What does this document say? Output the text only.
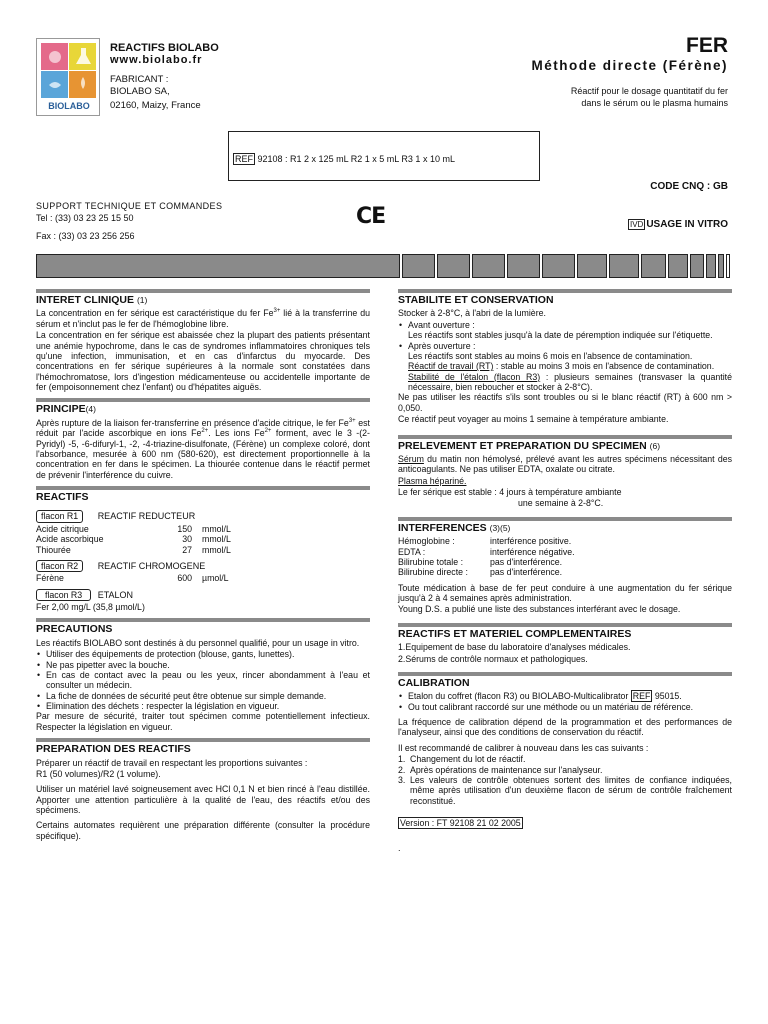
BIOLABO
REACTIFS BIOLABO
www.biolabo.fr
FABRICANT :
BIOLABO SA,
02160, Maizy, France
FER
Méthode directe (Férène)
Réactif pour le dosage quantitatif du fer
dans le sérum ou le plasma humains
REF 92108 : R1 2 x 125 mL R2 1 x 5 mL R3 1 x 10 mL
CODE CNQ : GB
SUPPORT TECHNIQUE ET COMMANDES
Tel : (33) 03 23 25 15 50
Fax : (33) 03 23 256 256
CE	IVD USAGE IN VITRO
INTERET CLINIQUE (1)
La concentration en fer sérique est caractéristique du fer $Fe^{3+}$ lié à la transferrine du sérum et n'inclut pas le fer de l'hémoglobine libre.
La concentration en fer sérique est abaissée chez la plupart des patients présentant une anémie hypochrome, dans le cas de syndromes inflammatoires chroniques tels qu'une infection, immunisation, et en cas d'infarctus du myocarde. Des concentrations en fer sérique supérieures à la normale sont constatées dans l'hémochromatose, lors d'ingestion médicamenteuse ou accidentelle importante de fer (empoisonnement chez l'enfant) ou d'hépatites aiguës.
PRINCIPE(4)
Après rupture de la liaison fer-transferrine en présence d'acide citrique, le fer $Fe^{3+}$ est réduit par l'acide ascorbique en ions $Fe^{2+}$. Les ions $Fe^{2+}$ forment, avec le 3 -(2-Pyridyl) -5, -6-difuryl-1, -2, -4-triazine-disulfonate, (Férène) un complexe coloré, dont l'absorbance, mesurée à 600 nm (580-620), est directement proportionnelle à la concentration en fer dans le spécimen. La thiourée contenue dans le réactif permet de prévenir l'interférence du cuivre.
REACTIFS
flacon R1 REACTIF REDUCTEUR
Acide citrique	150	mmol/L
Acide ascorbique	30	mmol/L
Thiourée	27	mmol/L
flacon R2 REACTIF CHROMOGENE
Férène	600	µmol/L
flacon R3 ETALON
Fer 2,00 mg/L (35,8 µmol/L)
PRECAUTIONS
Les réactifs BIOLABO sont destinés à du personnel qualifié, pour un usage in vitro.
• Utiliser des équipements de protection (blouse, gants, lunettes).
• Ne pas pipetter avec la bouche.
• En cas de contact avec la peau ou les yeux, rincer abondamment à l'eau et consulter un médecin.
• La fiche de données de sécurité peut être obtenue sur simple demande.
• Elimination des déchets : respecter la législation en vigueur.
Par mesure de sécurité, traiter tout spécimen comme potentiellement infectieux. Respecter la législation en vigueur.
PREPARATION DES REACTIFS
Préparer un réactif de travail en respectant les proportions suivantes :
R1 (50 volumes)/R2 (1 volume).
Utiliser un matériel lavé soigneusement avec HCl 0,1 N et bien rincé à l'eau distillée. Apporter une attention particulière à la qualité de l'eau, des réactifs et/ou des spécimens.
Certains automates requièrent une préparation différente (consulter la procédure spécifique).
STABILITE ET CONSERVATION
Stocker à 2-8°C, à l'abri de la lumière.
• Avant ouverture :
Les réactifs sont stables jusqu'à la date de péremption indiquée sur l'étiquette.
• Après ouverture :
Les réactifs sont stables au moins 6 mois en l'absence de contamination.
Réactif de travail (RT) : stable au moins 3 mois en l'absence de contamination.
Stabilité de l'étalon (flacon R3) : plusieurs semaines (transvaser la quantité nécessaire, bien reboucher et stocker à 2-8°C).
Ne pas utiliser les réactifs s'ils sont troubles ou si le blanc réactif (RT) à 600 nm > 0,050.
Ce réactif peut voyager au moins 1 semaine à température ambiante.
PRELEVEMENT ET PREPARATION DU SPECIMEN (6)
Sérum du matin non hémolysé, prélevé avant les autres spécimens nécessitant des anticoagulants. Ne pas utiliser EDTA, oxalate ou citrate.
Plasma hépariné.
Le fer sérique est stable : 4 jours à température ambiante
une semaine à 2-8°C.
INTERFERENCES (3)(5)
Hémoglobine :	interférence positive.
EDTA :	interférence négative.
Bilirubine totale :	pas d'interférence.
Bilirubine directe :	pas d'interférence.
Toute médication à base de fer peut conduire à une augmentation du fer sérique jusqu'à 2 à 4 semaines après administration.
Young D.S. a publié une liste des substances interférant avec le dosage.
REACTIFS ET MATERIEL COMPLEMENTAIRES
1.Equipement de base du laboratoire d'analyses médicales.
2.Sérums de contrôle normaux et pathologiques.
CALIBRATION
• Etalon du coffret (flacon R3) ou BIOLABO-Multicalibrator REF 95015.
• Ou tout calibrant raccordé sur une méthode ou un matériau de référence.
La fréquence de calibration dépend de la programmation et des performances de l'analyseur, ainsi que des conditions de conservation du réactif.
Il est recommandé de calibrer à nouveau dans les cas suivants :
1. Changement du lot de réactif.
2. Après opérations de maintenance sur l'analyseur.
3. Les valeurs de contrôle obtenues sortent des limites de confiance indiquées, même après utilisation d'un deuxième flacon de sérum de contrôle fraîchement reconstitué.
Version : FT 92108 21 02 2005
.
